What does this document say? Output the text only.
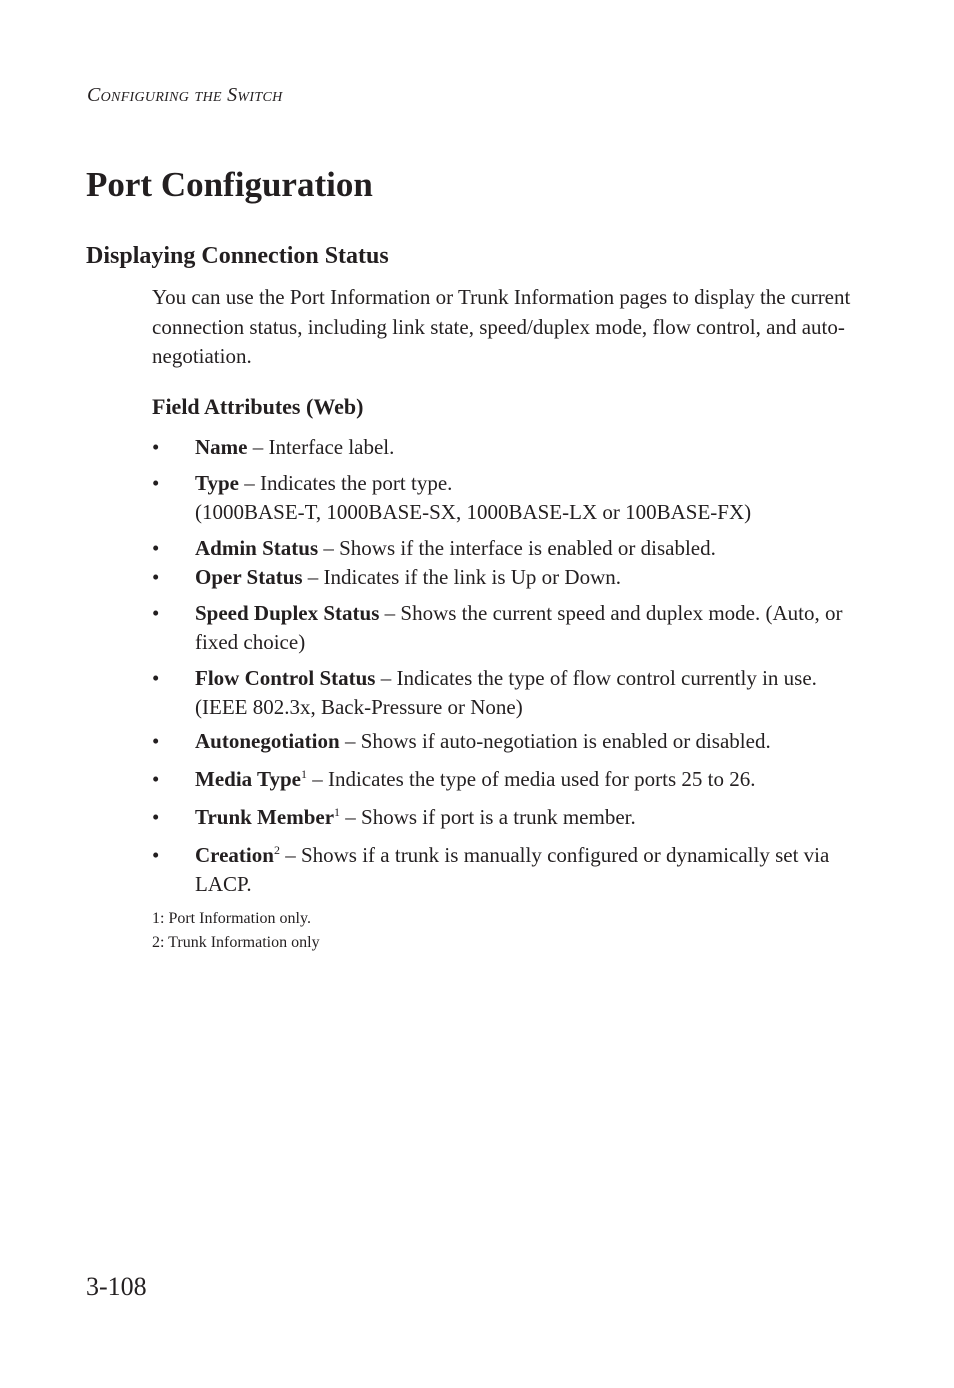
Configuring the Switch
Port Configuration
Displaying Connection Status

You can use the Port Information or Trunk Information pages to display the current connection status, including link state, speed/duplex mode, flow control, and auto-negotiation.

Field Attributes (Web)
• Name – Interface label.
• Type – Indicates the port type.
(1000BASE-T, 1000BASE-SX, 1000BASE-LX or 100BASE-FX)
• Admin Status – Shows if the interface is enabled or disabled.
• Oper Status – Indicates if the link is Up or Down.
• Speed Duplex Status – Shows the current speed and duplex mode. (Auto, or fixed choice)
• Flow Control Status – Indicates the type of flow control currently in use. (IEEE 802.3x, Back-Pressure or None)
• Autonegotiation – Shows if auto-negotiation is enabled or disabled.
• Media Type$^1$ – Indicates the type of media used for ports 25 to 26.
• Trunk Member$^1$ – Shows if port is a trunk member.
• Creation$^2$ – Shows if a trunk is manually configured or dynamically set via LACP.
1: Port Information only.
2: Trunk Information only
3-108
